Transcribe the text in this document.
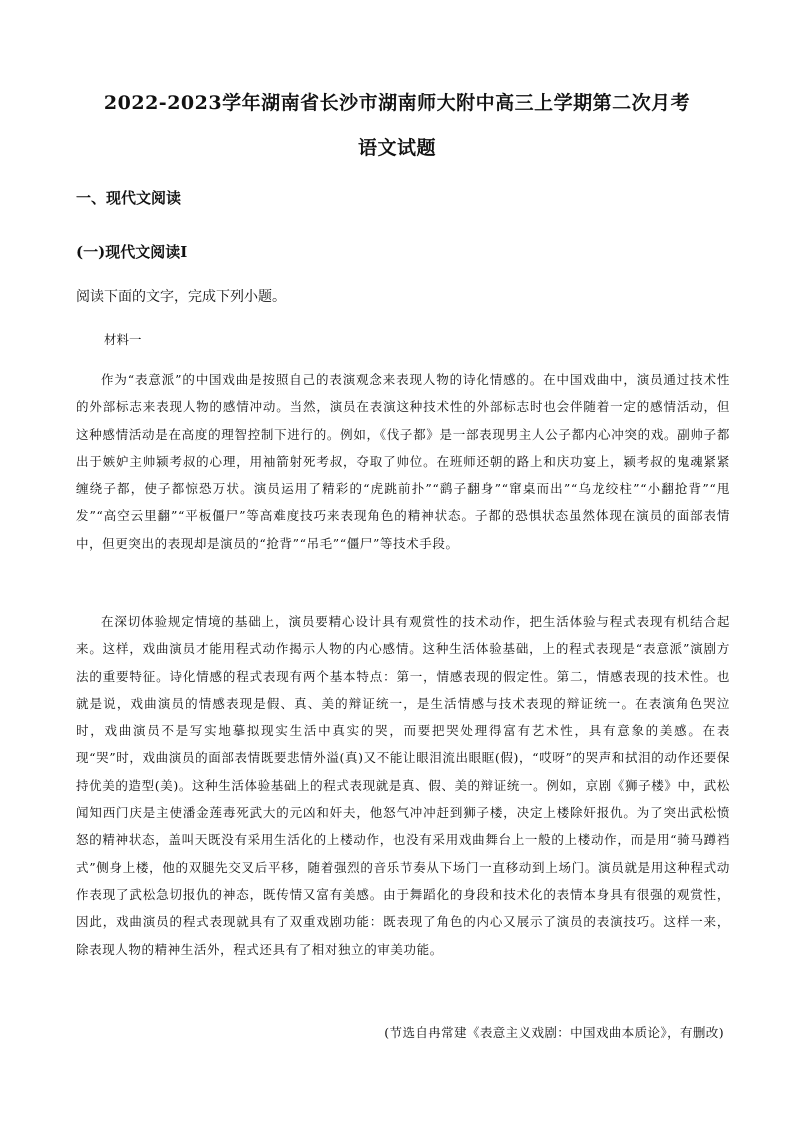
2022-2023学年湖南省长沙市湖南师大附中高三上学期第二次月考
语文试题
一、现代文阅读
(一)现代文阅读Ⅰ
阅读下面的文字，完成下列小题。
材料一

作为“表意派”的中国戏曲是按照自己的表演观念来表现人物的诗化情感的。在中国戏曲中，演员通过技术性的外部标志来表现人物的感情冲动。当然，演员在表演这种技术性的外部标志时也会伴随着一定的感情活动，但这种感情活动是在高度的理智控制下进行的。例如，《伐子都》是一部表现男主人公子都内心冲突的戏。副帅子都出于嫉妒主帅颍考叔的心理，用袖箭射死考叔，夺取了帅位。在班师还朝的路上和庆功宴上，颍考叔的鬼魂紧紧缠绕子都，使子都惊恐万状。演员运用了精彩的“虎跳前扑”“鹞子翻身”“窜桌而出”“乌龙绞柱”“小翻抢背”“甩发”“高空云里翻”“平板僵尸”等高难度技巧来表现角色的精神状态。子都的恐惧状态虽然体现在演员的面部表情中，但更突出的表现却是演员的“抢背”“吊毛”“僵尸”等技术手段。

在深切体验规定情境的基础上，演员要精心设计具有观赏性的技术动作，把生活体验与程式表现有机结合起来。这样，戏曲演员才能用程式动作揭示人物的内心感情。这种生活体验基础，上的程式表现是“表意派”演剧方法的重要特征。诗化情感的程式表现有两个基本特点：第一，情感表现的假定性。第二，情感表现的技术性。也就是说，戏曲演员的情感表现是假、真、美的辩证统一，是生活情感与技术表现的辩证统一。在表演角色哭泣时，戏曲演员不是写实地摹拟现实生活中真实的哭，而要把哭处理得富有艺术性，具有意象的美感。在表现“哭”时，戏曲演员的面部表情既要悲情外溢(真)又不能让眼泪流出眼眶(假)，“哎呀”的哭声和拭泪的动作还要保持优美的造型(美)。这种生活体验基础上的程式表现就是真、假、美的辩证统一。例如，京剧《狮子楼》中，武松闻知西门庆是主使潘金莲毒死武大的元凶和奸夫，他怒气冲冲赶到狮子楼，决定上楼除奸报仇。为了突出武松愤怒的精神状态，盖叫天既没有采用生活化的上楼动作，也没有采用戏曲舞台上一般的上楼动作，而是用“骑马蹲裆式”侧身上楼，他的双腿先交叉后平移，随着强烈的音乐节奏从下场门一直移动到上场门。演员就是用这种程式动作表现了武松急切报仇的神态，既传情又富有美感。由于舞蹈化的身段和技术化的表情本身具有很强的观赏性，因此，戏曲演员的程式表现就具有了双重戏剧功能：既表现了角色的内心又展示了演员的表演技巧。这样一来，除表现人物的精神生活外，程式还具有了相对独立的审美功能。

(节选自冉常建《表意主义戏剧：中国戏曲本质论》，有删改)
